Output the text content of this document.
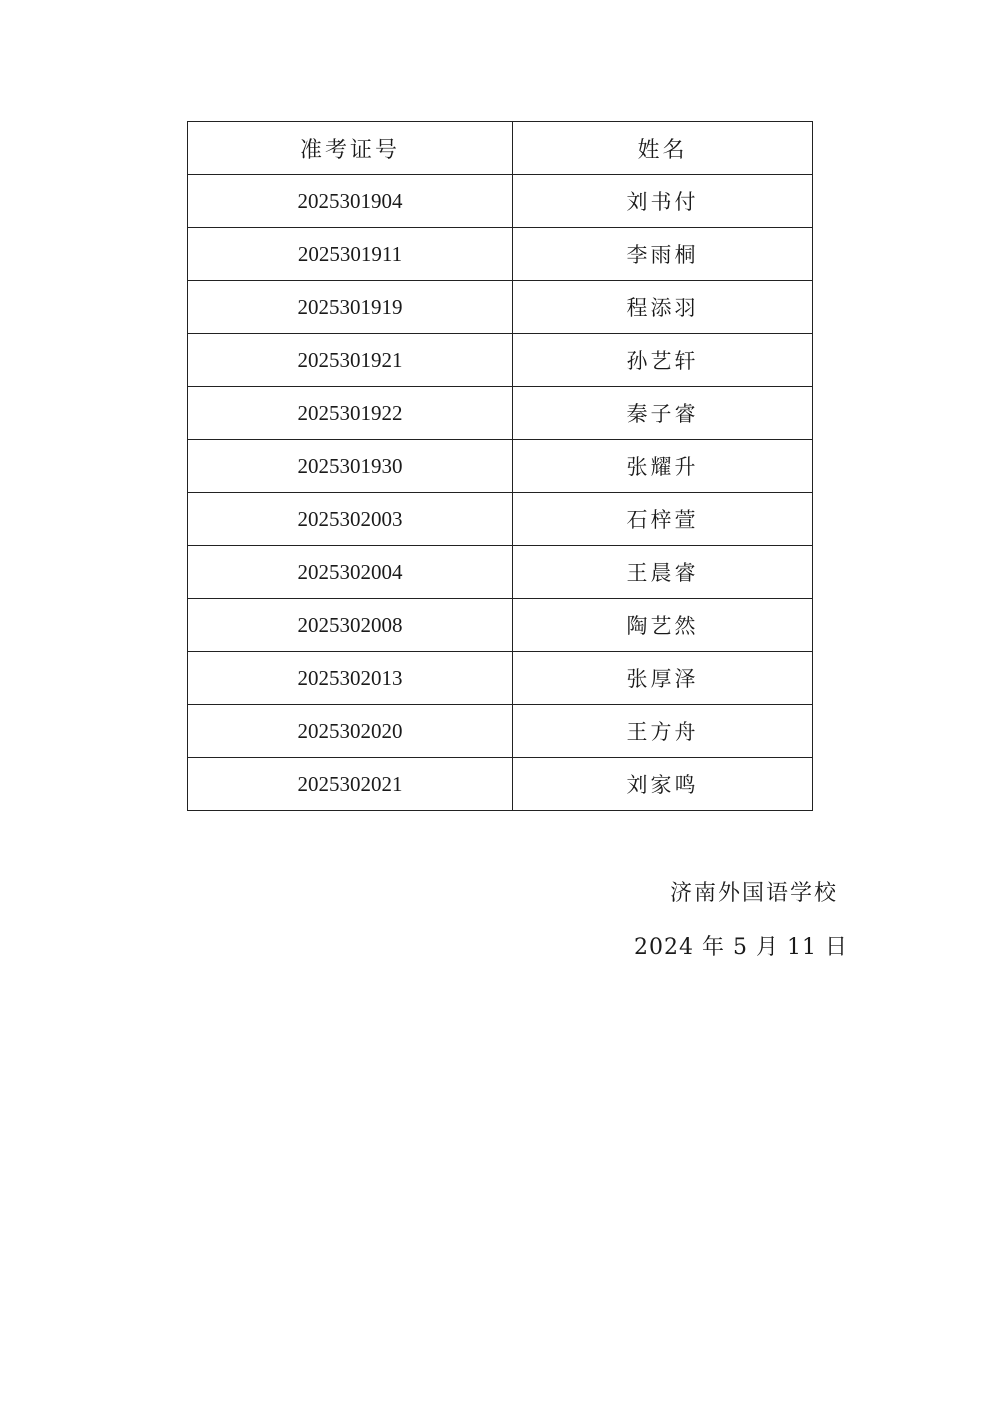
准考证号	姓名
2025301904	刘书付
2025301911	李雨桐
2025301919	程添羽
2025301921	孙艺轩
2025301922	秦子睿
2025301930	张耀升
2025302003	石梓萱
2025302004	王晨睿
2025302008	陶艺然
2025302013	张厚泽
2025302020	王方舟
2025302021	刘家鸣
济南外国语学校
2024 年 5 月 11 日
